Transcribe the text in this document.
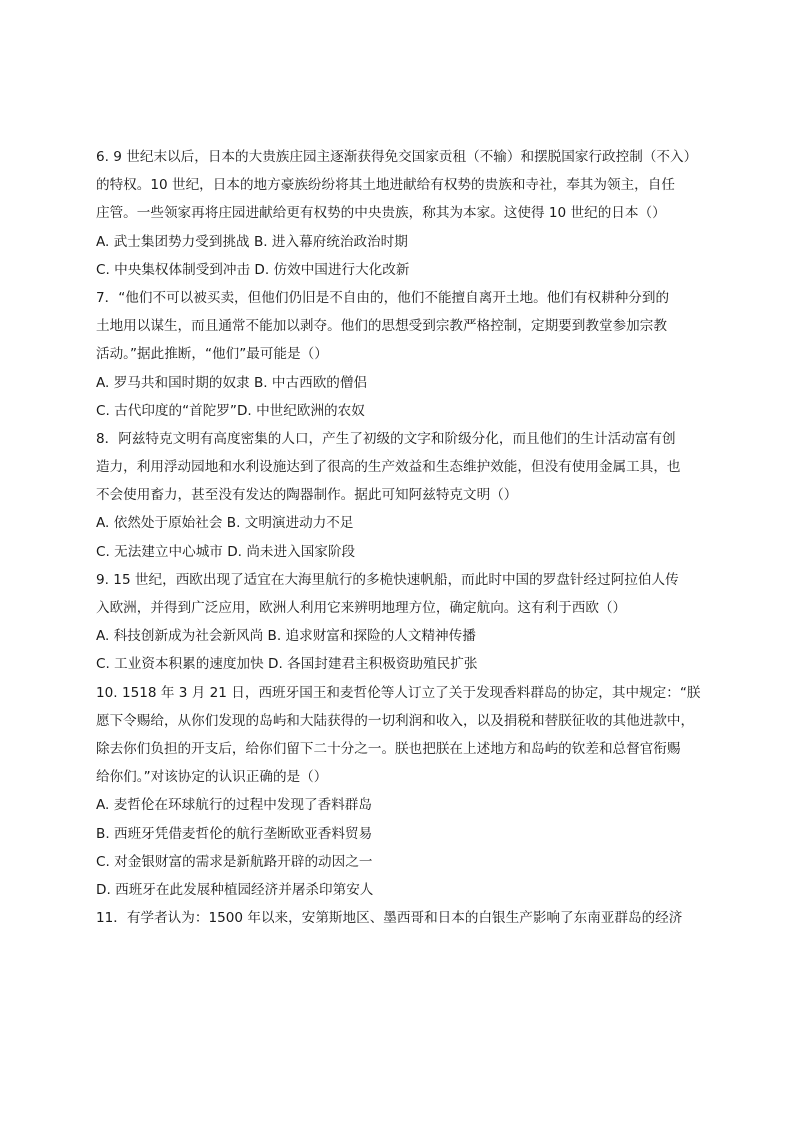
6. 9 世纪末以后，日本的大贵族庄园主逐渐获得免交国家贡租（不输）和摆脱国家行政控制（不入）
的特权。10 世纪，日本的地方豪族纷纷将其土地进献给有权势的贵族和寺社，奉其为领主，自任
庄管。一些领家再将庄园进献给更有权势的中央贵族，称其为本家。这使得 10 世纪的日本（）
A. 武士集团势力受到挑战 B. 进入幕府统治政治时期
C. 中央集权体制受到冲击 D. 仿效中国进行大化改新
7．“他们不可以被买卖，但他们仍旧是不自由的，他们不能擅自离开土地。他们有权耕种分到的
土地用以谋生，而且通常不能加以剥夺。他们的思想受到宗教严格控制，定期要到教堂参加宗教
活动。”据此推断，“他们”最可能是（）
A. 罗马共和国时期的奴隶 B. 中古西欧的僧侣
C. 古代印度的“首陀罗”D. 中世纪欧洲的农奴
8．阿兹特克文明有高度密集的人口，产生了初级的文字和阶级分化，而且他们的生计活动富有创
造力，利用浮动园地和水利设施达到了很高的生产效益和生态维护效能，但没有使用金属工具，也
不会使用畜力，甚至没有发达的陶器制作。据此可知阿兹特克文明（）
A. 依然处于原始社会 B. 文明演进动力不足
C. 无法建立中心城市 D. 尚未进入国家阶段
9. 15 世纪，西欧出现了适宜在大海里航行的多桅快速帆船，而此时中国的罗盘针经过阿拉伯人传
入欧洲，并得到广泛应用，欧洲人利用它来辨明地理方位，确定航向。这有利于西欧（）
A. 科技创新成为社会新风尚 B. 追求财富和探险的人文精神传播
C. 工业资本积累的速度加快 D. 各国封建君主积极资助殖民扩张
10. 1518 年 3 月 21 日，西班牙国王和麦哲伦等人订立了关于发现香料群岛的协定，其中规定：“朕
愿下令赐给，从你们发现的岛屿和大陆获得的一切利润和收入，以及捐税和替朕征收的其他进款中，
除去你们负担的开支后，给你们留下二十分之一。朕也把朕在上述地方和岛屿的钦差和总督官衔赐
给你们。”对该协定的认识正确的是（）
A. 麦哲伦在环球航行的过程中发现了香料群岛
B. 西班牙凭借麦哲伦的航行垄断欧亚香料贸易
C. 对金银财富的需求是新航路开辟的动因之一
D. 西班牙在此发展种植园经济并屠杀印第安人
11．有学者认为：1500 年以来，安第斯地区、墨西哥和日本的白银生产影响了东南亚群岛的经济
